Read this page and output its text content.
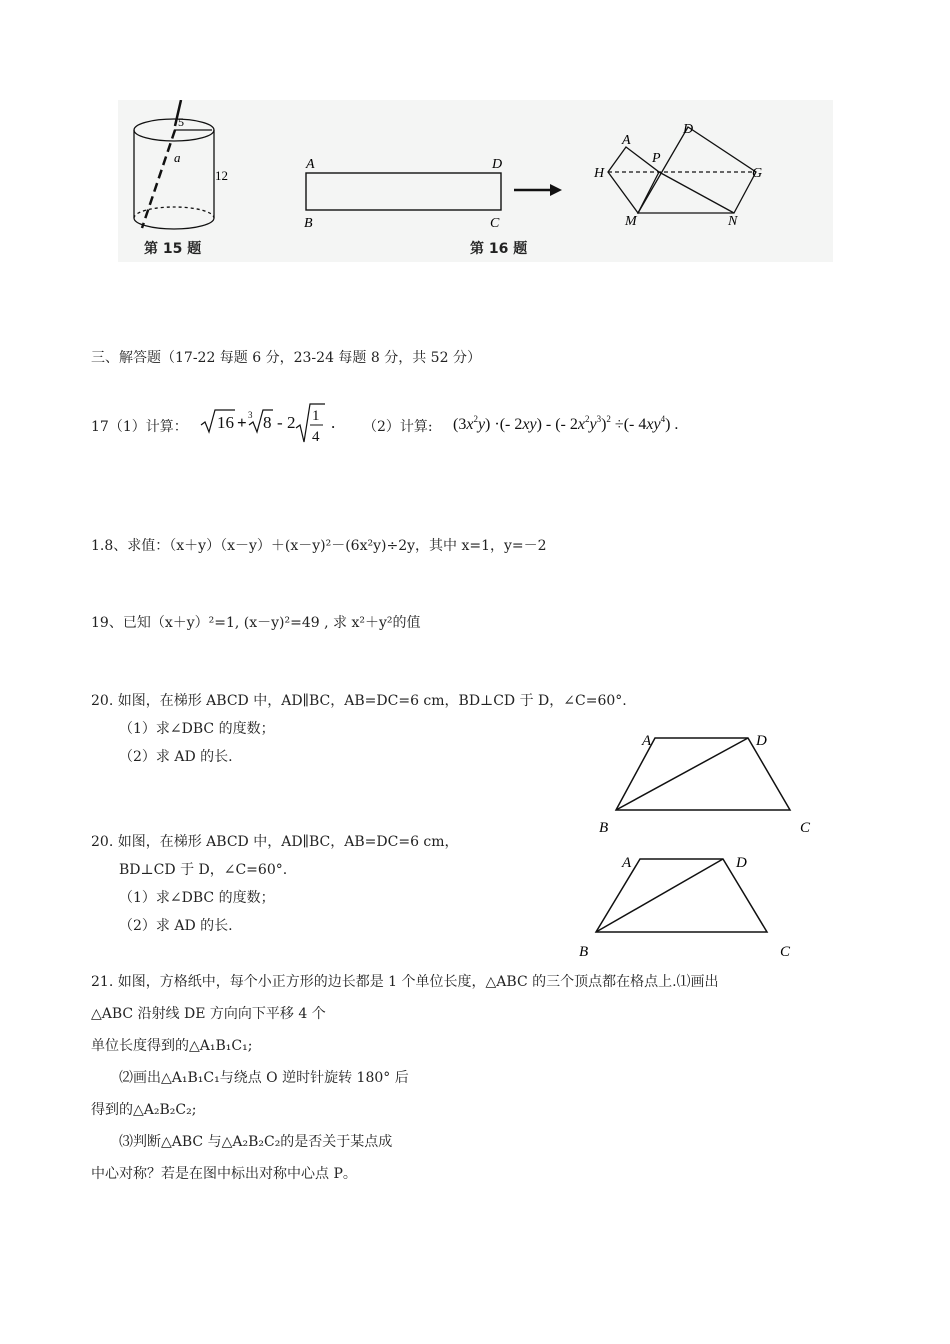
5
a
12
A	D
B	C
A
D
H
P
G
M	N
第 15 题	第 16 题
三、解答题（17-22 每题 6 分，23-24 每题 8 分，共 52 分）
17（1）计算： 16 + 3 8 - 2 1
4
. （2）计算: $(3x^2y)$ ·(- 2xy) - (- $2x^2y^3)^2$ ÷(- $4xy^4$) .
1.8、求值：（x＋y）（x－y）＋(x－y)²－(6x²y)÷2y，其中 x=1，y=－2
19、已知（x＋y）²=1, (x－y)²=49 , 求 x²＋y²的值
20. 如图，在梯形 ABCD 中，AD∥BC，AB=DC=6 cm，BD⊥CD 于 D，∠C=60°.
（1）求∠DBC 的度数；
（2）求 AD 的长.
A	D
B	C
20. 如图，在梯形 ABCD 中，AD∥BC，AB=DC=6 cm，
BD⊥CD 于 D，∠C=60°.
（1）求∠DBC 的度数；
（2）求 AD 的长.
A	D
B	C
21. 如图，方格纸中，每个小正方形的边长都是 1 个单位长度，△ABC 的三个顶点都在格点上.⑴画出
△ABC 沿射线 DE 方向向下平移 4 个
单位长度得到的△A₁B₁C₁;
⑵画出△A₁B₁C₁与绕点 O 逆时针旋转 180° 后
得到的△A₂B₂C₂;
⑶判断△ABC 与△A₂B₂C₂的是否关于某点成
中心对称？若是在图中标出对称中心点 P。
